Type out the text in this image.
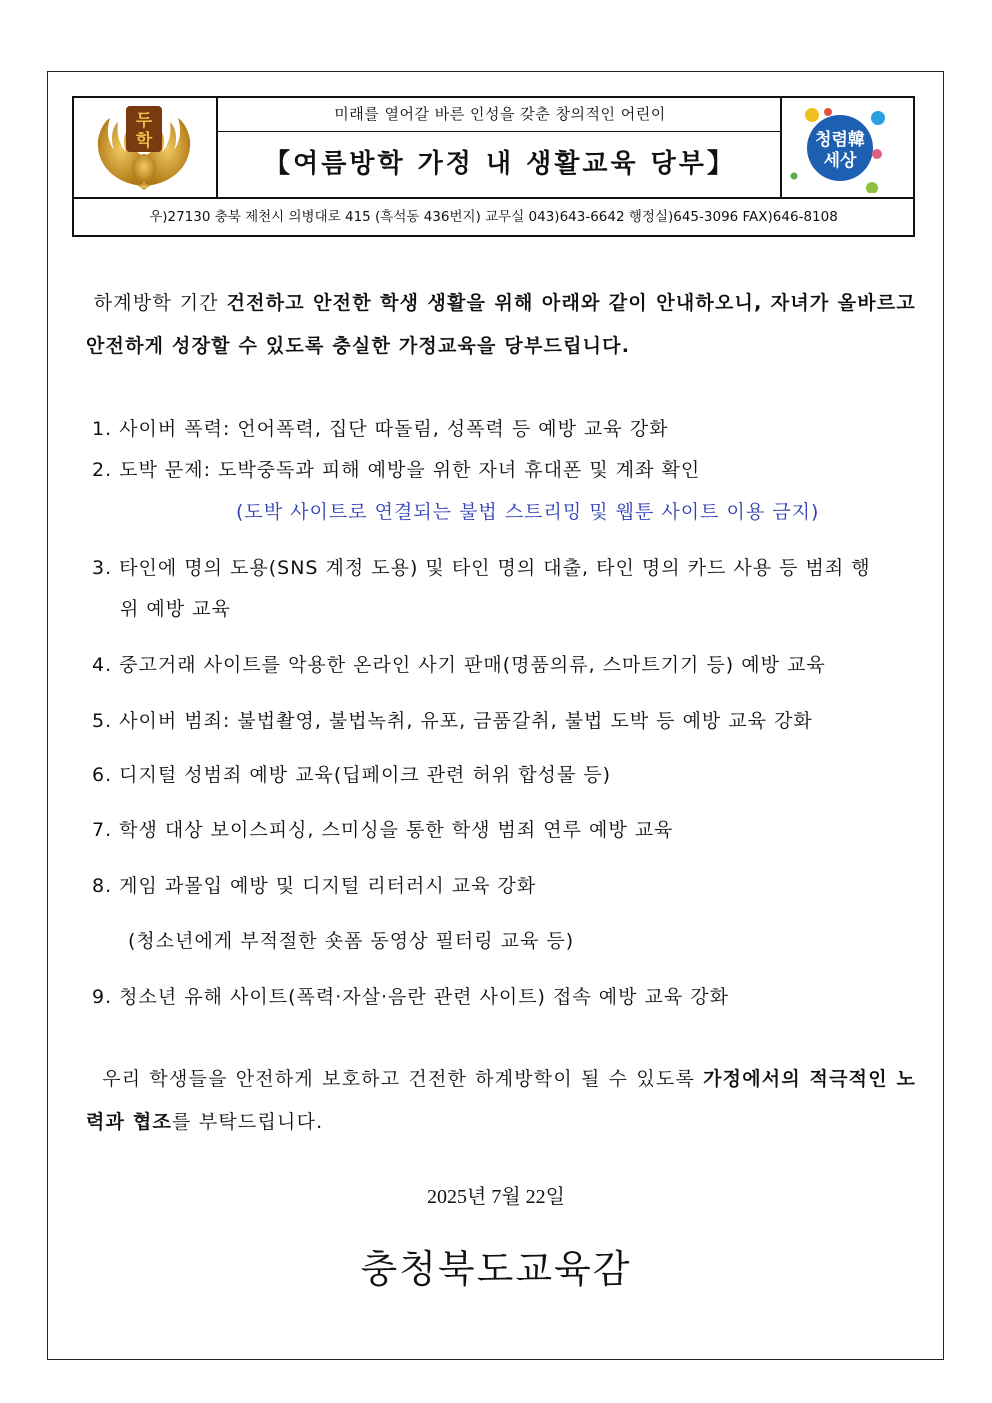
두
학
미래를 열어갈 바른 인성을 갖춘 창의적인 어린이
【여름방학 가정 내 생활교육 당부】
청렴韓
세상
우)27130 충북 제천시 의병대로 415 (흑석동 436번지) 교무실 043)643-6642 행정실)645-3096 FAX)646-8108
하계방학 기간 건전하고 안전한 학생 생활을 위해 아래와 같이 안내하오니, 자녀가 올바르고 안전하게 성장할 수 있도록 충실한 가정교육을 당부드립니다.
1. 사이버 폭력: 언어폭력, 집단 따돌림, 성폭력 등 예방 교육 강화
2. 도박 문제: 도박중독과 피해 예방을 위한 자녀 휴대폰 및 계좌 확인
(도박 사이트로 연결되는 불법 스트리밍 및 웹툰 사이트 이용 금지)
3. 타인에 명의 도용(SNS 계정 도용) 및 타인 명의 대출, 타인 명의 카드 사용 등 범죄 행
위 예방 교육
4. 중고거래 사이트를 악용한 온라인 사기 판매(명품의류, 스마트기기 등) 예방 교육
5. 사이버 범죄: 불법촬영, 불법녹취, 유포, 금품갈취, 불법 도박 등 예방 교육 강화
6. 디지털 성범죄 예방 교육(딥페이크 관련 허위 합성물 등)
7. 학생 대상 보이스피싱, 스미싱을 통한 학생 범죄 연루 예방 교육
8. 게임 과몰입 예방 및 디지털 리터러시 교육 강화
(청소년에게 부적절한 숏폼 동영상 필터링 교육 등)
9. 청소년 유해 사이트(폭력·자살·음란 관련 사이트) 접속 예방 교육 강화
우리 학생들을 안전하게 보호하고 건전한 하계방학이 될 수 있도록 가정에서의 적극적인 노력과 협조를 부탁드립니다.
2025년 7월 22일
충청북도교육감
